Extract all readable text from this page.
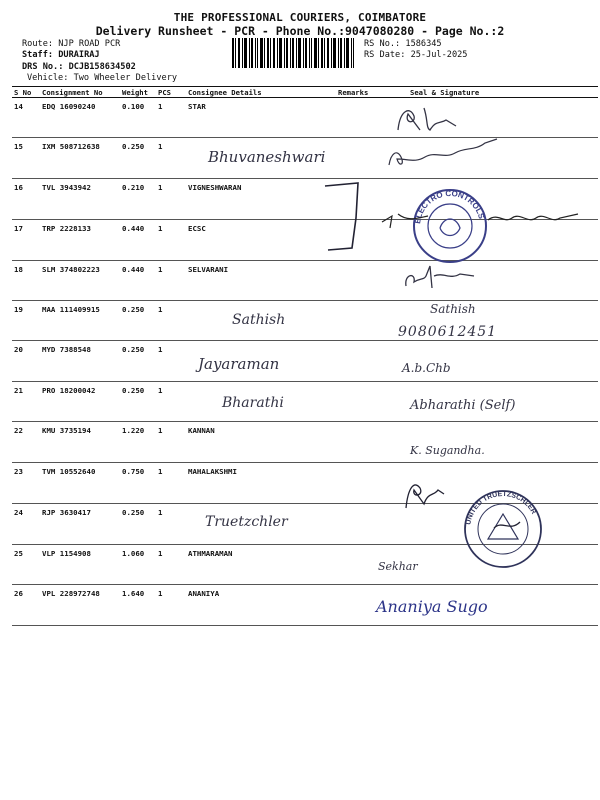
THE PROFESSIONAL COURIERS, COIMBATORE
Delivery Runsheet - PCR - Phone No.:9047080280 - Page No.:2
Route: NJP ROAD PCR
Staff: DURAIRAJ
DRS No.: DCJB158634502
Vehicle: Two Wheeler Delivery
RS No.: 1586345
RS Date: 25-Jul-2025
S No	Consignment No	Weight	PCS	Consignee Details	Remarks	Seal & Signature
14	EDQ 16090240	0.100	1	STAR		
15	IXM 508712638	0.250	1			
16	TVL 3943942	0.210	1	VIGNESHWARAN		
17	TRP 2228133	0.440	1	ECSC		
18	SLM 374802223	0.440	1	SELVARANI		
19	MAA 111409915	0.250	1			
20	MYD 7388548	0.250	1			
21	PRO 18200042	0.250	1			
22	KMU 3735194	1.220	1	KANNAN		
23	TVM 10552640	0.750	1	MAHALAKSHMI		
24	RJP 3630417	0.250	1			
25	VLP 1154908	1.060	1	ATHMARAMAN		
26	VPL 228972748	1.640	1	ANANIYA		
Bhuvaneshwari
Sathish
Jayaraman
Bharathi
Truetzchler
ELECTRO CONTROLS
Sathish
9080612451
A.b.Chb
Abharathi (Self)
K. Sugandha.
UNITED TRUETZSCHLER
Sekhar
Ananiya Sugo
